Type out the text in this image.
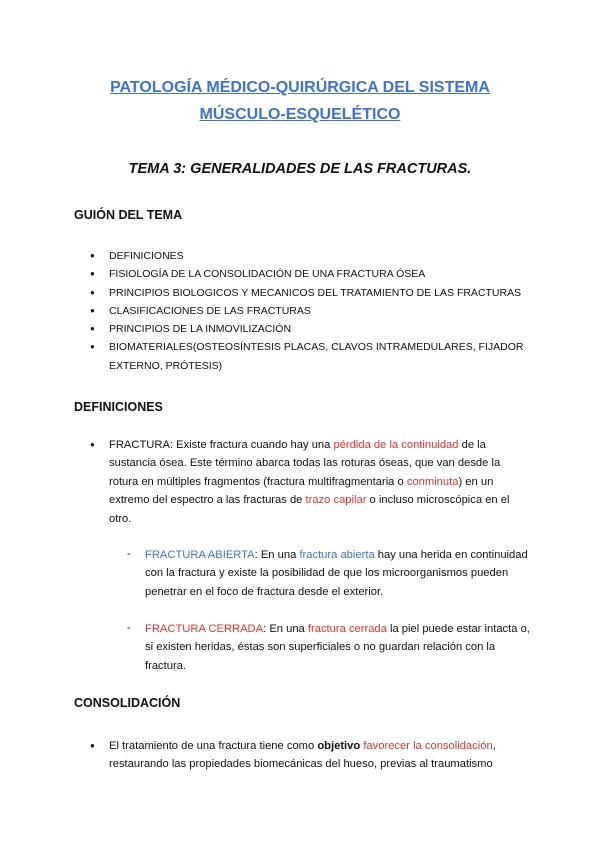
PATOLOGÍA MÉDICO-QUIRÚRGICA DEL SISTEMA
MÚSCULO-ESQUELÉTICO
TEMA 3: GENERALIDADES DE LAS FRACTURAS.
GUIÓN DEL TEMA
● DEFINICIONES
● FISIOLOGÍA DE LA CONSOLIDACIÓN DE UNA FRACTURA ÓSEA
● PRINCIPIOS BIOLOGICOS Y MECANICOS DEL TRATAMIENTO DE LAS FRACTURAS
● CLASIFICACIONES DE LAS FRACTURAS
● PRINCIPIOS DE LA INMOVILIZACIÓN
● BIOMATERIALES(OSTEOSÍNTESIS PLACAS, CLAVOS INTRAMEDULARES, FIJADOR EXTERNO, PRÓTESIS)
DEFINICIONES
● FRACTURA: Existe fractura cuando hay una pérdida de la continuidad de la sustancia ósea. Este término abarca todas las roturas óseas, que van desde la rotura en múltiples fragmentos (fractura multifragmentaria o conminuta) en un extremo del espectro a las fracturas de trazo capilar o incluso microscópica en el otro.
- FRACTURA ABIERTA: En una fractura abierta hay una herida en continuidad con la fractura y existe la posibilidad de que los microorganismos pueden penetrar en el foco de fractura desde el exterior.
- FRACTURA CERRADA: En una fractura cerrada la piel puede estar intacta o, si existen heridas, éstas son superficiales o no guardan relación con la fractura.
CONSOLIDACIÓN
● El tratamiento de una fractura tiene como objetivo favorecer la consolidación, restaurando las propiedades biomecánicas del hueso, previas al traumatismo
